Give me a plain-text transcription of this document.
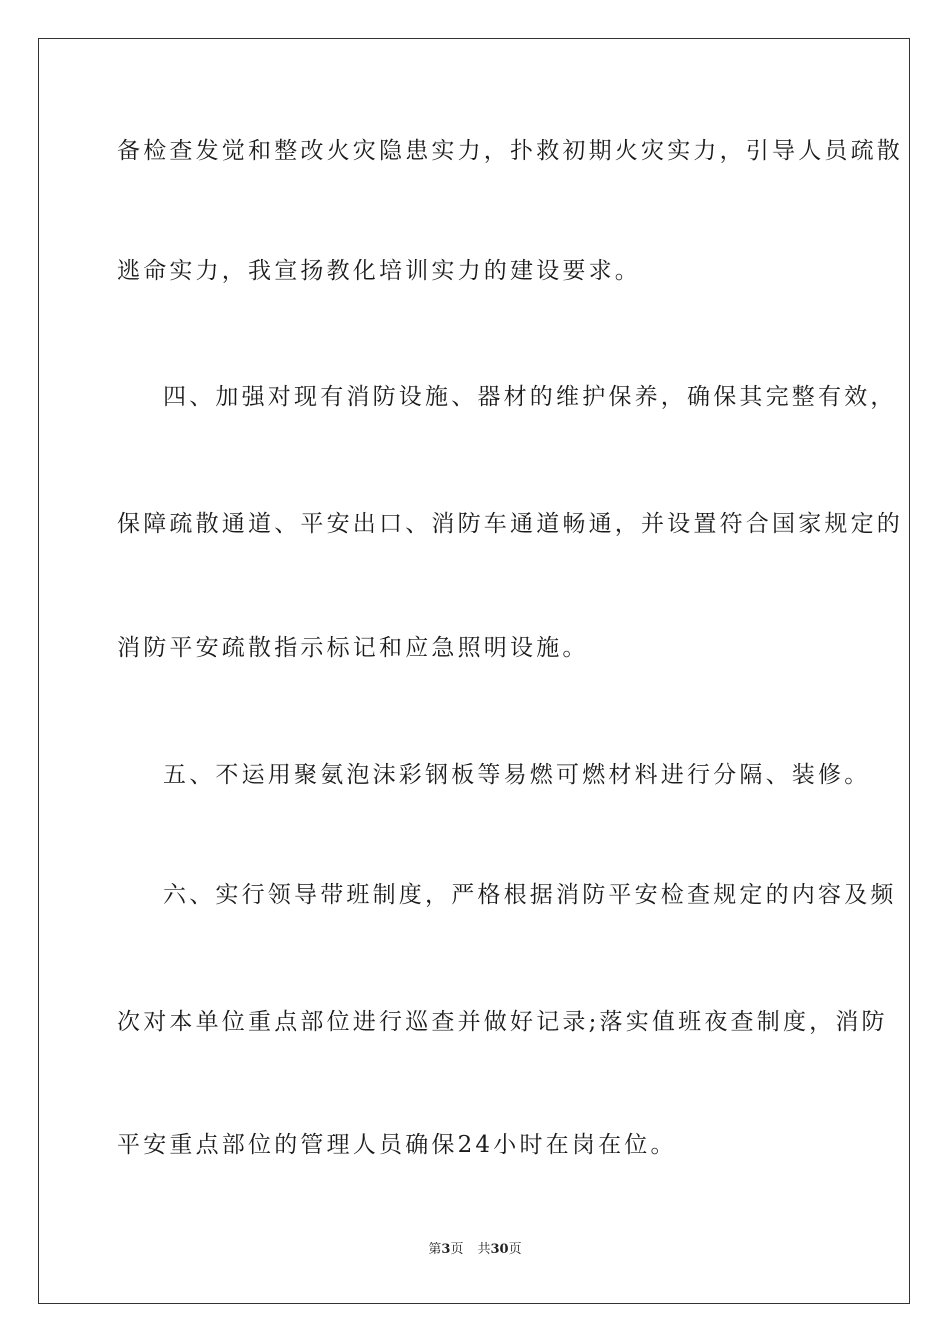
备检查发觉和整改火灾隐患实力，扑救初期火灾实力，引导人员疏散
逃命实力，我宣扬教化培训实力的建设要求。
四、加强对现有消防设施、器材的维护保养，确保其完整有效，
保障疏散通道、平安出口、消防车通道畅通，并设置符合国家规定的
消防平安疏散指示标记和应急照明设施。
五、不运用聚氨泡沫彩钢板等易燃可燃材料进行分隔、装修。
六、实行领导带班制度，严格根据消防平安检查规定的内容及频
次对本单位重点部位进行巡查并做好记录;落实值班夜查制度，消防
平安重点部位的管理人员确保24小时在岗在位。
第3页 共30页
